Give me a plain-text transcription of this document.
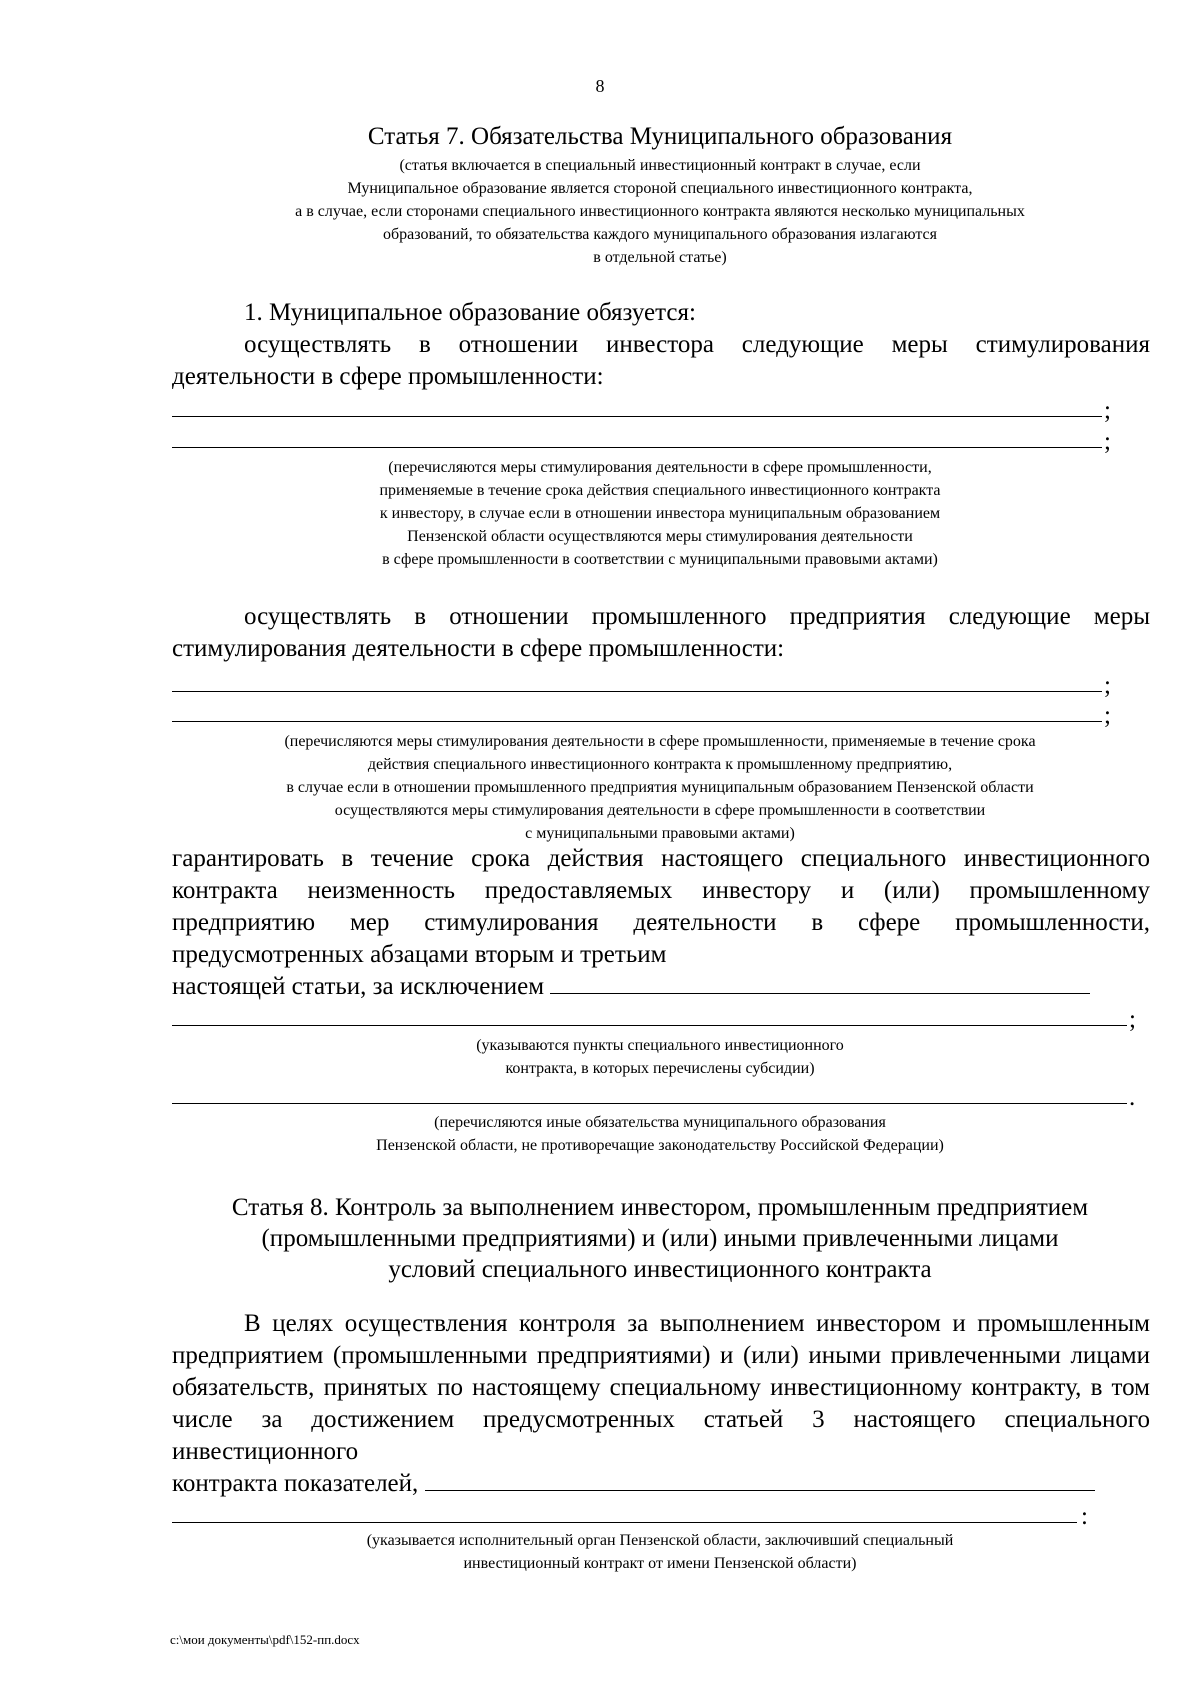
8
Статья 7. Обязательства Муниципального образования
(статья включается в специальный инвестиционный контракт в случае, если
Муниципальное образование является стороной специального инвестиционного контракта,
а в случае, если сторонами специального инвестиционного контракта являются несколько муниципальных
образований, то обязательства каждого муниципального образования излагаются
в отдельной статье)
1. Муниципальное образование обязуется:
осуществлять в отношении инвестора следующие меры стимулирования деятельности в сфере промышленности:
;
;
(перечисляются меры стимулирования деятельности в сфере промышленности,
применяемые в течение срока действия специального инвестиционного контракта
к инвестору, в случае если в отношении инвестора муниципальным образованием
Пензенской области осуществляются меры стимулирования деятельности
в сфере промышленности в соответствии с муниципальными правовыми актами)
осуществлять в отношении промышленного предприятия следующие меры стимулирования деятельности в сфере промышленности:
;
;
(перечисляются меры стимулирования деятельности в сфере промышленности, применяемые в течение срока
действия специального инвестиционного контракта к промышленному предприятию,
в случае если в отношении промышленного предприятия муниципальным образованием Пензенской области
осуществляются меры стимулирования деятельности в сфере промышленности в соответствии
с муниципальными правовыми актами)
гарантировать в течение срока действия настоящего специального инвестиционного контракта неизменность предоставляемых инвестору и (или) промышленному предприятию мер стимулирования деятельности в сфере промышленности, предусмотренных абзацами вторым и третьим
настоящей статьи, за исключением
;
(указываются пункты специального инвестиционного
контракта, в которых перечислены субсидии)
.
(перечисляются иные обязательства муниципального образования
Пензенской области, не противоречащие законодательству Российской Федерации)
Статья 8. Контроль за выполнением инвестором, промышленным предприятием
(промышленными предприятиями) и (или) иными привлеченными лицами
условий специального инвестиционного контракта
В целях осуществления контроля за выполнением инвестором и промышленным предприятием (промышленными предприятиями) и (или) иными привлеченными лицами обязательств, принятых по настоящему специальному инвестиционному контракту, в том числе за достижением предусмотренных статьей 3 настоящего специального инвестиционного
контракта показателей,
:
(указывается исполнительный орган Пензенской области, заключивший специальный
инвестиционный контракт от имени Пензенской области)
c:\мои документы\pdf\152-пп.docx
